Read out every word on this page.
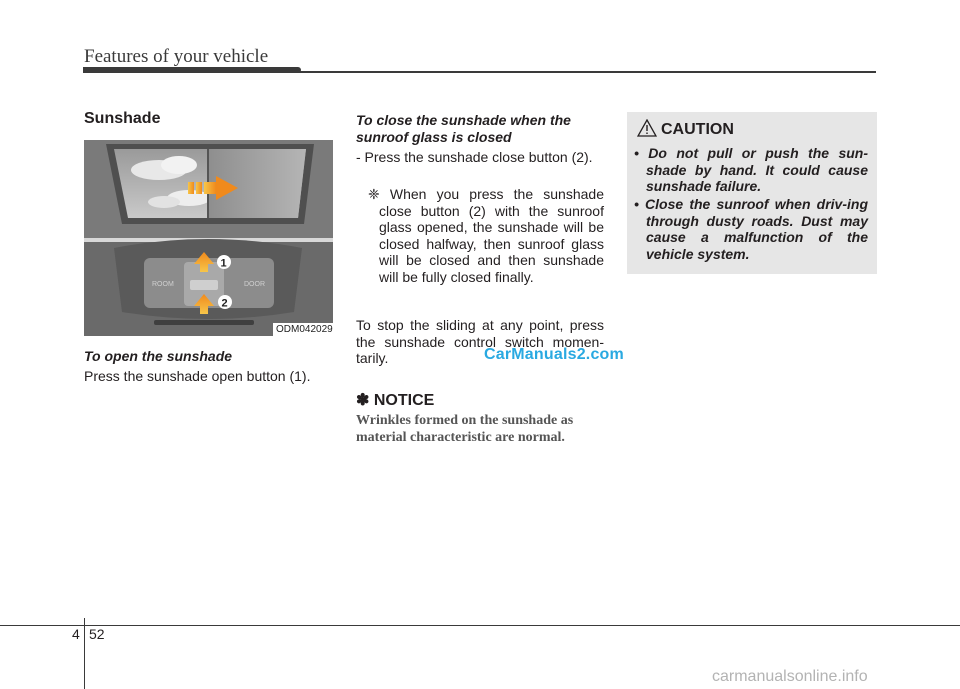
Features of your vehicle
Sunshade
ROOM	DOOR
1
2
ODM042029
To open the sunshade
Press the sunshade open button (1).
To close the sunshade when the sunroof glass is closed
- Press the sunshade close button (2).
❈ When you press the sunshade close button (2) with the sunroof glass opened, the sunshade will be closed halfway, then sunroof glass will be closed and then sunshade will be fully closed finally.
To stop the sliding at any point, press the sunshade control switch momen-tarily.	CarManuals2.com
✽ NOTICE
Wrinkles formed on the sunshade as material characteristic are normal.
CAUTION
• Do not pull or push the sun-shade by hand. It could cause sunshade failure.
• Close the sunroof when driv-ing through dusty roads. Dust may cause a malfunction of the vehicle system.
4 52
carmanualsonline.info
